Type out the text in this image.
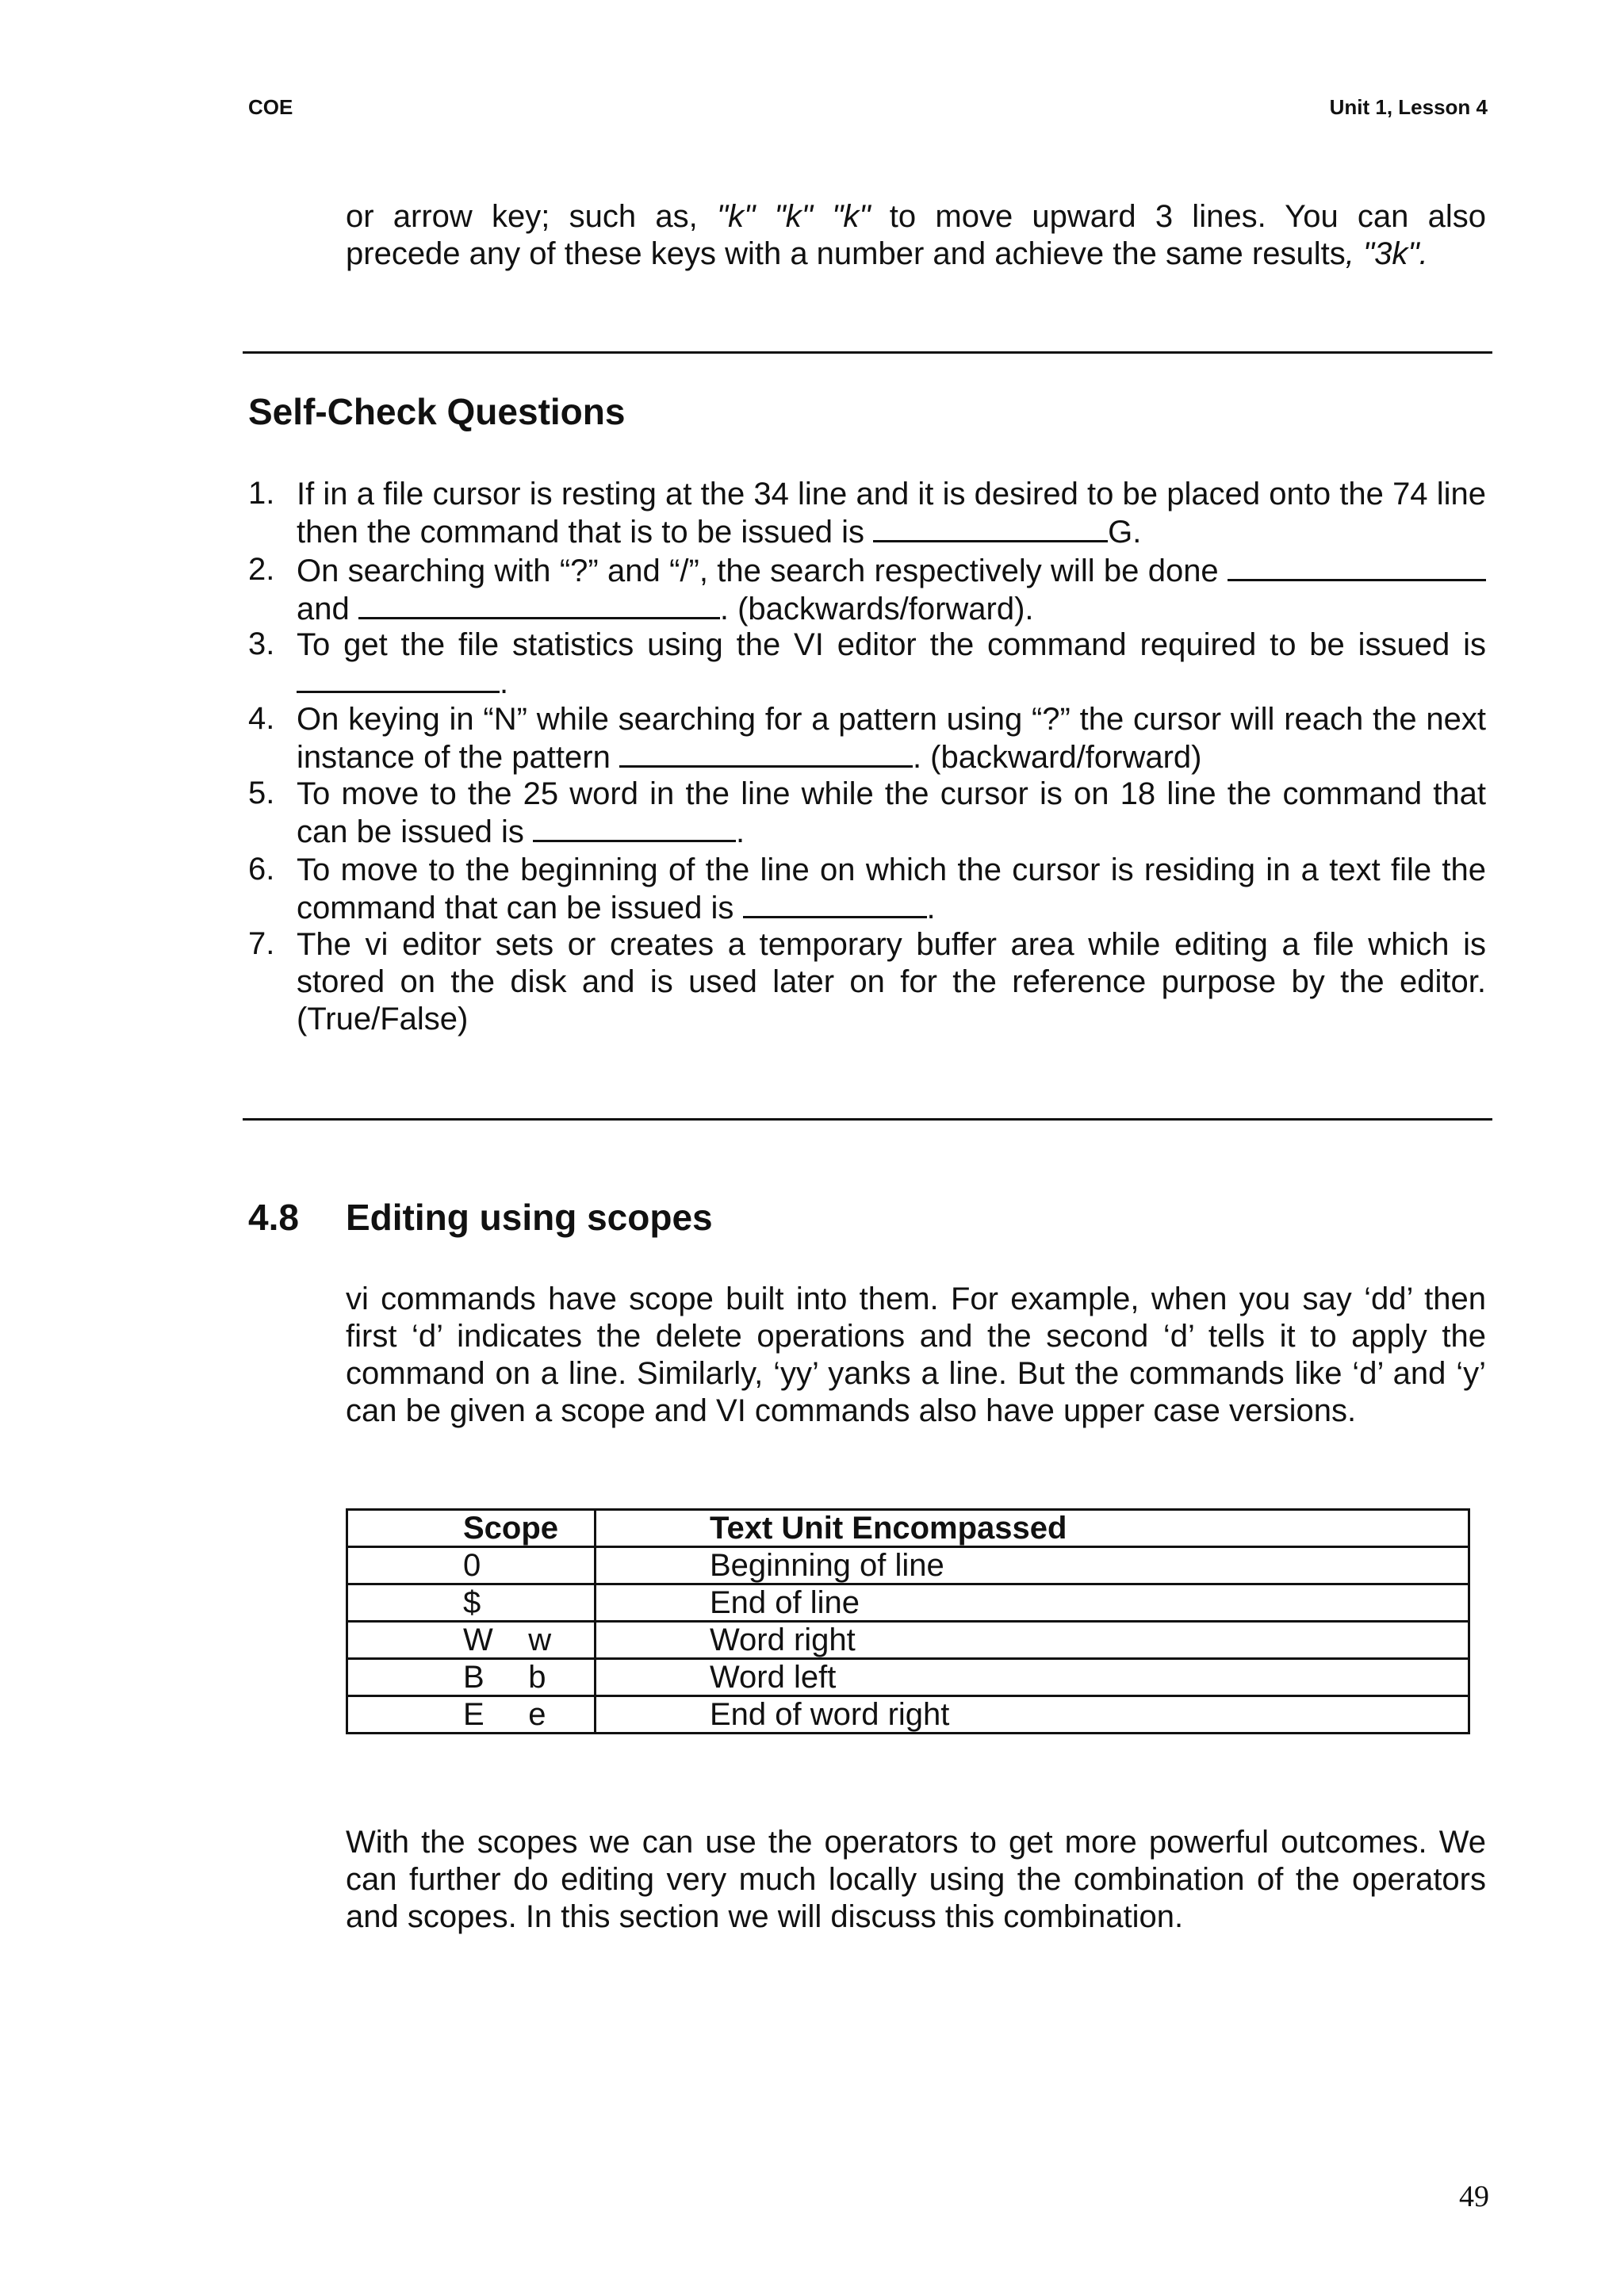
COE	Unit 1, Lesson 4
or arrow key; such as, "k" "k" "k" to move upward 3 lines. You can also
precede any of these keys with a number and achieve the same results, "3k".
Self-Check Questions
1. If in a file cursor is resting at the 34 line and it is desired to be placed onto the 74 line then the command that is to be issued is	G.
2. On searching with “?” and “/”, the search respectively will be done  and	. (backwards/forward).
3. To get the file statistics using the VI editor the command required to be issued is .
4. On keying in “N” while searching for a pattern using “?” the cursor will reach the next instance of the pattern	. (backward/forward)
5. To move to the 25 word in the line while the cursor is on 18 line the command that can be issued is	.
6. To move to the beginning of the line on which the cursor is residing in a text file the command that can be issued is	.
7. The vi editor sets or creates a temporary buffer area while editing a file which is stored on the disk and is used later on for the reference purpose by the editor. (True/False)
4.8 Editing using scopes
vi commands have scope built into them. For example, when you say ‘dd’ then first ‘d’ indicates the delete operations and the second ‘d’ tells it to apply the command on a line. Similarly, ‘yy’ yanks a line. But the commands like ‘d’ and ‘y’ can be given a scope and VI commands also have upper case versions.
Scope	Text Unit Encompassed
0	Beginning of line
$	End of line
W    w	Word right
B     b	Word left
E     e	End of word right
With the scopes we can use the operators to get more powerful outcomes. We can further do editing very much locally using the combination of the operators and scopes. In this section we will discuss this combination.
49
